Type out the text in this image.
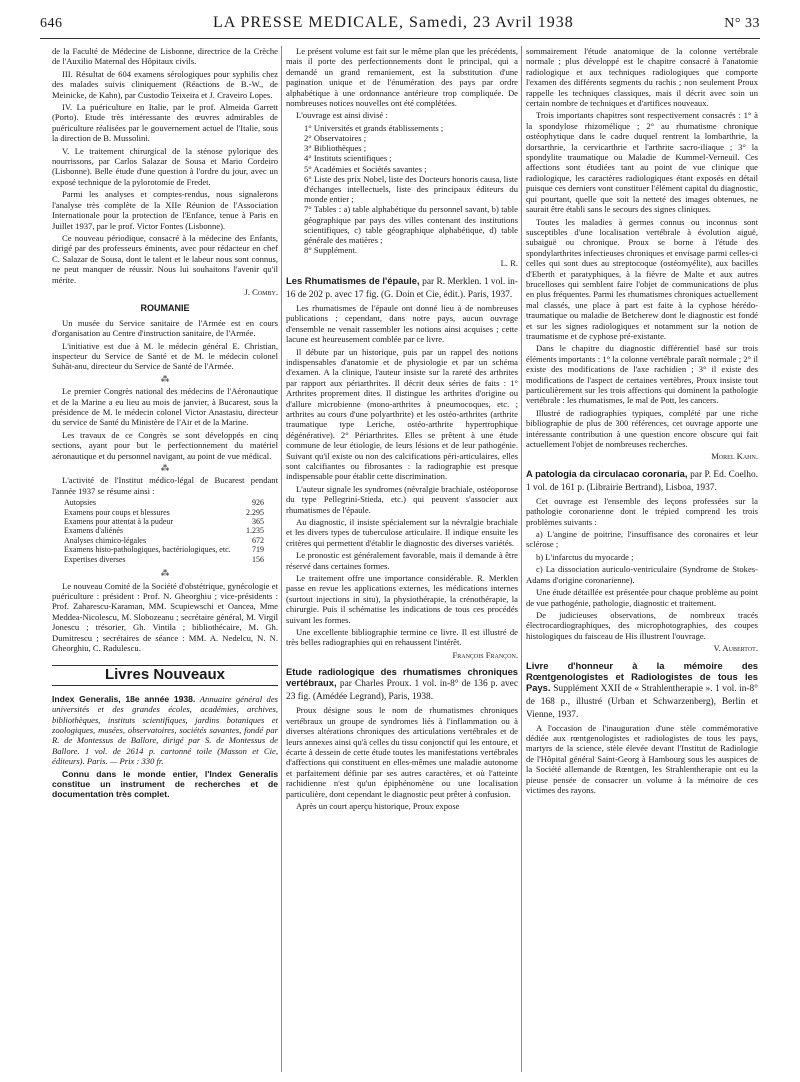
646	LA PRESSE MEDICALE, Samedi, 23 Avril 1938	N° 33

de la Faculté de Médecine de Lisbonne, directrice de la Crèche de l'Auxilio Maternal des Hôpitaux civils.

III. Résultat de 604 examens sérologiques pour syphilis chez des malades suivis cliniquement (Réactions de B.-W., de Meinicke, de Kahn), par Custodio Teixeira et J. Craveiro Lopes.

IV. La puériculture en Italie, par le prof. Almeida Garrett (Porto). Etude très intéressante des œuvres admirables de puériculture réalisées par le gouvernement actuel de l'Italie, sous la direction de B. Mussolini.

V. Le traitement chirurgical de la sténose pylorique des nourrissons, par Carlos Salazar de Sousa et Mario Cordeiro (Lisbonne). Belle étude d'une question à l'ordre du jour, avec un exposé technique de la pylorotomie de Fredet.

Parmi les analyses et comptes-rendus, nous signalerons l'analyse très complète de la XIIe Réunion de l'Association Internationale pour la protection de l'Enfance, tenue à Paris en Juillet 1937, par le prof. Victor Fontes (Lisbonne).

Ce nouveau périodique, consacré à la médecine des Enfants, dirigé par des professeurs éminents, avec pour rédacteur en chef C. Salazar de Sousa, dont le talent et le labeur nous sont connus, ne peut manquer de réussir. Nous lui souhaitons l'avenir qu'il mérite.

J. Comby.
ROUMANIE

Un musée du Service sanitaire de l'Armée est en cours d'organisation au Centre d'instruction sanitaire, de l'Armée.

L'initiative est due à M. le médecin général E. Christian, inspecteur du Service de Santé et de M. le médecin colonel Suhăt-anu, directeur du Service de Santé de l'Armée.

⁂

Le premier Congrès national des médecins de l'Aéronautique et de la Marine a eu lieu au mois de janvier, à Bucarest, sous la présidence de M. le médecin colonel Victor Anastasiu, directeur du service de Santé du Ministère de l'Air et de la Marine.

Les travaux de ce Congrès se sont développés en cinq sections, ayant pour but le perfectionnement du matériel aéronautique et du personnel navigant, au point de vue médical.

⁂

L'activité de l'Institut médico-légal de Bucarest pendant l'année 1937 se résume ainsi :

Autopsies	926
Examens pour coups et blessures	2.295
Examens pour attentat à la pudeur	365
Examens d'aliénés	1.235
Analyses chimico-légales	672
Examens histo-pathologiques, bactériologiques, etc.	719
Expertises diverses	156
⁂

Le nouveau Comité de la Société d'obstétrique, gynécologie et puériculture : président : Prof. N. Gheorghiu ; vice-présidents : Prof. Zaharescu-Karaman, MM. Scupiewschi et Oancea, Mme Meddea-Nicolescu, M. Slobozeanu ; secrétaire général, M. Virgil Jonescu ; trésorier, Gh. Vintila ; bibliothécaire, M. Gh. Dumitrescu ; secrétaires de séance : MM. A. Nedelcu, N. N. Gheorghiu, C. Radulescu.

Livres Nouveaux

Index Generalis, 18e année 1938. Annuaire général des universités et des grandes écoles, académies, archives, bibliothèques, instituts scientifiques, jardins botaniques et zoologiques, musées, observatoires, sociétés savantes, fondé par R. de Montessus de Ballore, dirigé par S. de Montessus de Ballore. 1 vol. de 2614 p. cartonné toile (Masson et Cie, éditeurs). Paris. — Prix : 330 fr.

Connu dans le monde entier, l'Index Generalis constitue un instrument de recherches et de documentation très complet.

Le présent volume est fait sur le même plan que les précédents, mais il porte des perfectionnements dont le principal, qui a demandé un grand remaniement, est la substitution d'une pagination unique et de l'énumération des pays par ordre alphabétique à une ordonnance antérieure trop compliquée. De nombreuses notices nouvelles ont été complétées.

L'ouvrage est ainsi divisé :

1° Universités et grands établissements ;
2° Observatoires ;
3° Bibliothèques ;
4° Instituts scientifiques ;
5° Académies et Sociétés savantes ;
6° Liste des prix Nobel, liste des Docteurs honoris causa, liste d'échanges intellectuels, liste des principaux éditeurs du monde entier ;
7° Tables : a) table alphabétique du personnel savant, b) table géographique par pays des villes contenant des institutions scientifiques, c) table géographique alphabétique, d) table générale des matières ;
8° Supplément.
L. R.
Les Rhumatismes de l'épaule, par R. Merklen. 1 vol. in-16 de 202 p. avec 17 fig. (G. Doin et Cie, édit.). Paris, 1937.

Les rhumatismes de l'épaule ont donné lieu à de nombreuses publications ; cependant, dans notre pays, aucun ouvrage d'ensemble ne venait rassembler les notions ainsi acquises ; cette lacune est heureusement comblée par ce livre.

Il débute par un historique, puis par un rappel des notions indispensables d'anatomie et de physiologie et par un schéma d'examen. A la clinique, l'auteur insiste sur la rareté des arthrites par rapport aux périarthrites. Il décrit deux séries de faits : 1° Arthrites proprement dites. Il distingue les arthrites d'origine ou d'allure microbienne (mono-arthrites à pneumocoques, etc. ; arthrites au cours d'une polyarthrite) et les ostéo-arthrites (arthrite traumatique type Leriche, ostéo-arthrite hypertrophique dégénérative). 2° Périarthrites. Elles se prêtent à une étude commune de leur étiologie, de leurs lésions et de leur pathogénie. Suivant qu'il existe ou non des calcifications péri-articulaires, elles sont calcifiantes ou fibrosantes : la radiographie est presque indispensable pour établir cette discrimination.

L'auteur signale les syndromes (névralgie brachiale, ostéoporose du type Pellegrini-Stieda, etc.) qui peuvent s'associer aux rhumatismes de l'épaule.

Au diagnostic, il insiste spécialement sur la névralgie brachiale et les divers types de tuberculose articulaire. Il indique ensuite les critères qui permettent d'établir le diagnostic des diverses variétés.

Le pronostic est généralement favorable, mais il demande à être réservé dans certaines formes.

Le traitement offre une importance considérable. R. Merklen passe en revue les applications externes, les médications internes (surtout injections in situ), la physiothérapie, la crénothérapie, la chirurgie. Puis il schématise les indications de tous ces procédés suivant les formes.

Une excellente bibliographie termine ce livre. Il est illustré de très belles radiographies qui en rehaussent l'intérêt.

François Françon.
Etude radiologique des rhumatismes chroniques vertébraux, par Charles Proux. 1 vol. in-8° de 136 p. avec 23 fig. (Amédée Legrand), Paris, 1938.

Proux désigne sous le nom de rhumatismes chroniques vertébraux un groupe de syndromes liés à l'inflammation ou à diverses altérations chroniques des articulations vertébrales et de leurs annexes ainsi qu'à celles du tissu conjonctif qui les entoure, et écarte à dessein de cette étude toutes les manifestations vertébrales d'affections qui constituent en elles-mêmes une maladie autonome et parfaitement définie par ses autres caractères, et où l'atteinte rachidienne n'est qu'un épiphénomène ou une localisation particulière, dont cependant le diagnostic peut prêter à confusion.

Après un court aperçu historique, Proux expose

sommairement l'étude anatomique de la colonne vertébrale normale ; plus développé est le chapitre consacré à l'anatomie radiologique et aux techniques radiologiques que comporte l'examen des différents segments du rachis ; non seulement Proux rappelle les techniques classiques, mais il décrit avec soin un certain nombre de techniques et d'artifices nouveaux.

Trois importants chapitres sont respectivement consacrés : 1° à la spondylose rhizomélique ; 2° au rhumatisme chronique ostéophytique dans le cadre duquel rentrent la lombarthrie, la dorsarthrie, la cervicarthrie et l'arthrite sacro-iliaque ; 3° la spondylite traumatique ou Maladie de Kummel-Verneuil. Ces affections sont étudiées tant au point de vue clinique que radiologique, les caractères radiologiques étant exposés en détail puisque ces derniers vont constituer l'élément capital du diagnostic, qui pourtant, quelle que soit la netteté des images obtenues, ne saurait être établi sans le secours des signes cliniques.

Toutes les maladies à germes connus ou inconnus sont susceptibles d'une localisation vertébrale à évolution aiguë, subaiguë ou chronique. Proux se borne à l'étude des spondylarthrites infectieuses chroniques et envisage parmi celles-ci celles qui sont dues au streptocoque (ostéomyélite), aux bacilles d'Eberth et paratyphiques, à la fièvre de Malte et aux autres brucelloses qui semblent faire l'objet de communications de plus en plus fréquentes. Parmi les rhumatismes chroniques actuellement mal classés, une place à part est faite à la cyphose hérédo-traumatique ou maladie de Betcherew dont le diagnostic est fondé et sur les signes radiologiques et notamment sur la notion de traumatisme et de cyphose pré-existante.

Dans le chapitre du diagnostic différentiel basé sur trois éléments importants : 1° la colonne vertébrale paraît normale ; 2° il existe des modifications de l'axe rachidien ; 3° il existe des modifications de l'aspect de certaines vertèbres, Proux insiste tout particulièrement sur les trois affections qui dominent la pathologie vertébrale : les rhumatismes, le mal de Pott, les cancers.

Illustré de radiographies typiques, complété par une riche bibliographie de plus de 300 références, cet ouvrage apporte une intéressante contribution à une question encore obscure qui fait actuellement l'objet de nombreuses recherches.

Morel Kahn.
A patologia da circulacao coronaria, par P. Ed. Coelho. 1 vol. de 161 p. (Librairie Bertrand), Lisboa, 1937.

Cet ouvrage est l'ensemble des leçons professées sur la pathologie coronarienne dont le trépied comprend les trois problèmes suivants :

a) L'angine de poitrine, l'insuffisance des coronaires et leur sclérose ;

b) L'infarctus du myocarde ;

c) La dissociation auriculo-ventriculaire (Syndrome de Stokes-Adams d'origine coronarienne).

Une étude détaillée est présentée pour chaque problème au point de vue pathogénie, pathologie, diagnostic et traitement.

De judicieuses observations, de nombreux tracés électrocardiographiques, des microphotographies, des coupes histologiques du faisceau de His illustrent l'ouvrage.

V. Aubertot.
Livre d'honneur à la mémoire des Rœntgenologistes et Radiologistes de tous les Pays. Supplément XXII de « Strahlentherapie ». 1 vol. in-8° de 168 p., illustré (Urban et Schwarzenberg), Berlin et Vienne, 1937.

A l'occasion de l'inauguration d'une stèle commémorative dédiée aux rœntgenologistes et radiologistes de tous les pays, martyrs de la science, stèle élevée devant l'Institut de Radiologie de l'Hôpital général Saint-Georg à Hambourg sous les auspices de la Société allemande de Rœntgen, les Strahlentherapie ont eu la pieuse pensée de consacrer un volume à la mémoire de ces victimes des rayons.
